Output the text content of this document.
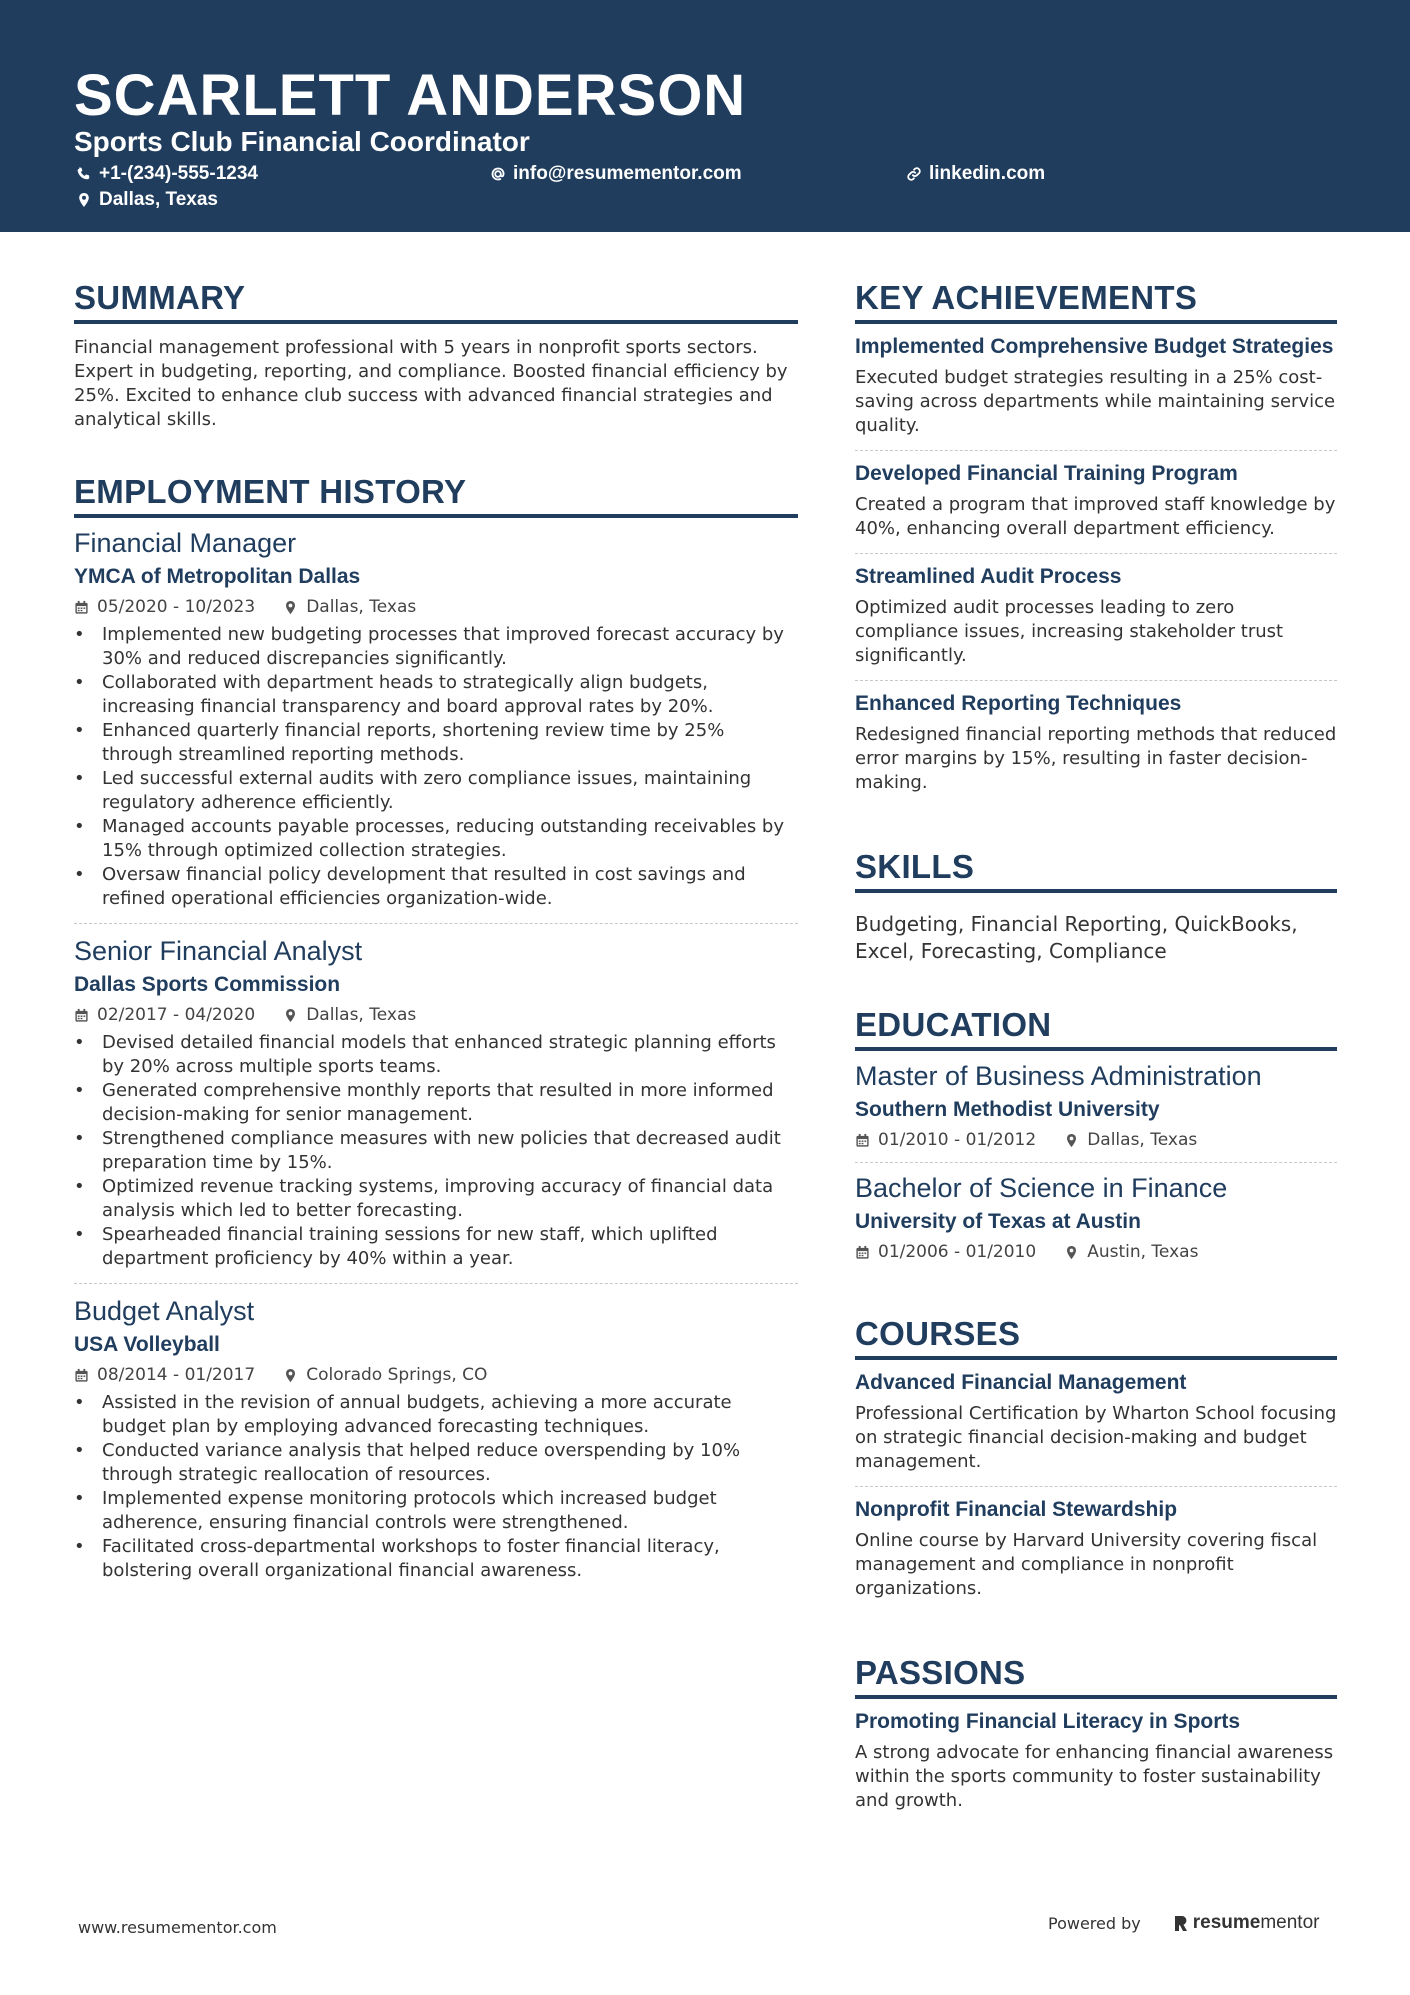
SCARLETT ANDERSON
Sports Club Financial Coordinator
+1-(234)-555-1234	info@resumementor.com	linkedin.com
Dallas, Texas
SUMMARY
Financial management professional with 5 years in nonprofit sports sectors. Expert in budgeting, reporting, and compliance. Boosted financial efficiency by 25%. Excited to enhance club success with advanced financial strategies and analytical skills.
EMPLOYMENT HISTORY
Financial Manager
YMCA of Metropolitan Dallas
05/2020 - 10/2023	Dallas, Texas
• Implemented new budgeting processes that improved forecast accuracy by 30% and reduced discrepancies significantly.
• Collaborated with department heads to strategically align budgets, increasing financial transparency and board approval rates by 20%.
• Enhanced quarterly financial reports, shortening review time by 25% through streamlined reporting methods.
• Led successful external audits with zero compliance issues, maintaining regulatory adherence efficiently.
• Managed accounts payable processes, reducing outstanding receivables by 15% through optimized collection strategies.
• Oversaw financial policy development that resulted in cost savings and refined operational efficiencies organization-wide.
Senior Financial Analyst
Dallas Sports Commission
02/2017 - 04/2020	Dallas, Texas
• Devised detailed financial models that enhanced strategic planning efforts by 20% across multiple sports teams.
• Generated comprehensive monthly reports that resulted in more informed decision-making for senior management.
• Strengthened compliance measures with new policies that decreased audit preparation time by 15%.
• Optimized revenue tracking systems, improving accuracy of financial data analysis which led to better forecasting.
• Spearheaded financial training sessions for new staff, which uplifted department proficiency by 40% within a year.
Budget Analyst
USA Volleyball
08/2014 - 01/2017	Colorado Springs, CO
• Assisted in the revision of annual budgets, achieving a more accurate budget plan by employing advanced forecasting techniques.
• Conducted variance analysis that helped reduce overspending by 10% through strategic reallocation of resources.
• Implemented expense monitoring protocols which increased budget adherence, ensuring financial controls were strengthened.
• Facilitated cross-departmental workshops to foster financial literacy, bolstering overall organizational financial awareness.
KEY ACHIEVEMENTS
Implemented Comprehensive Budget Strategies
Executed budget strategies resulting in a 25% cost-saving across departments while maintaining service quality.
Developed Financial Training Program
Created a program that improved staff knowledge by 40%, enhancing overall department efficiency.
Streamlined Audit Process
Optimized audit processes leading to zero compliance issues, increasing stakeholder trust significantly.
Enhanced Reporting Techniques
Redesigned financial reporting methods that reduced error margins by 15%, resulting in faster decision-making.
SKILLS
Budgeting, Financial Reporting, QuickBooks, Excel, Forecasting, Compliance
EDUCATION
Master of Business Administration
Southern Methodist University
01/2010 - 01/2012	Dallas, Texas
Bachelor of Science in Finance
University of Texas at Austin
01/2006 - 01/2010	Austin, Texas
COURSES
Advanced Financial Management
Professional Certification by Wharton School focusing on strategic financial decision-making and budget management.
Nonprofit Financial Stewardship
Online course by Harvard University covering fiscal management and compliance in nonprofit organizations.
PASSIONS
Promoting Financial Literacy in Sports
A strong advocate for enhancing financial awareness within the sports community to foster sustainability and growth.
www.resumementor.com	Powered by	resumementor
